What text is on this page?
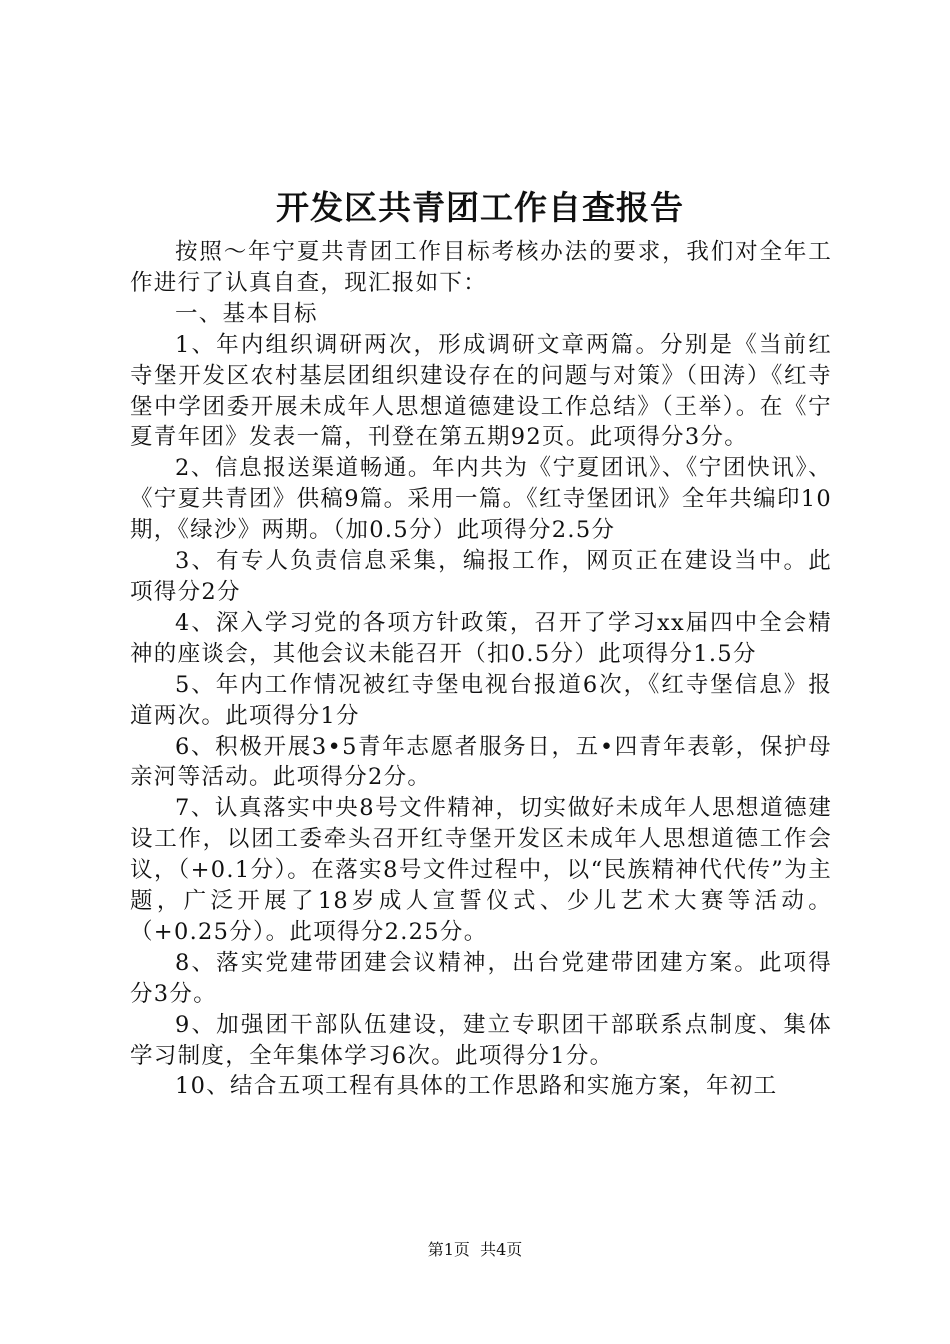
开发区共青团工作自查报告

按照～年宁夏共青团工作目标考核办法的要求，我们对全年工作进行了认真自查，现汇报如下：

一、基本目标

1、年内组织调研两次，形成调研文章两篇。分别是《当前红寺堡开发区农村基层团组织建设存在的问题与对策》（田涛）《红寺堡中学团委开展未成年人思想道德建设工作总结》（王举）。在《宁夏青年团》发表一篇，刊登在第五期92页。此项得分3分。

2、信息报送渠道畅通。年内共为《宁夏团讯》、《宁团快讯》、《宁夏共青团》供稿9篇。采用一篇。《红寺堡团讯》全年共编印10期，《绿沙》两期。（加0.5分）此项得分2.5分

3、有专人负责信息采集，编报工作，网页正在建设当中。此项得分2分

4、深入学习党的各项方针政策，召开了学习xx届四中全会精神的座谈会，其他会议未能召开（扣0.5分）此项得分1.5分

5、年内工作情况被红寺堡电视台报道6次，《红寺堡信息》报道两次。此项得分1分

6、积极开展3•5青年志愿者服务日，五•四青年表彰，保护母亲河等活动。此项得分2分。

7、认真落实中央8号文件精神，切实做好未成年人思想道德建设工作，以团工委牵头召开红寺堡开发区未成年人思想道德工作会议，（+0.1分）。在落实8号文件过程中，以“民族精神代代传”为主题，广泛开展了18岁成人宣誓仪式、少儿艺术大赛等活动。（+0.25分）。此项得分2.25分。

8、落实党建带团建会议精神，出台党建带团建方案。此项得分3分。

9、加强团干部队伍建设，建立专职团干部联系点制度、集体学习制度，全年集体学习6次。此项得分1分。

10、结合五项工程有具体的工作思路和实施方案，年初工

第1页  共4页
